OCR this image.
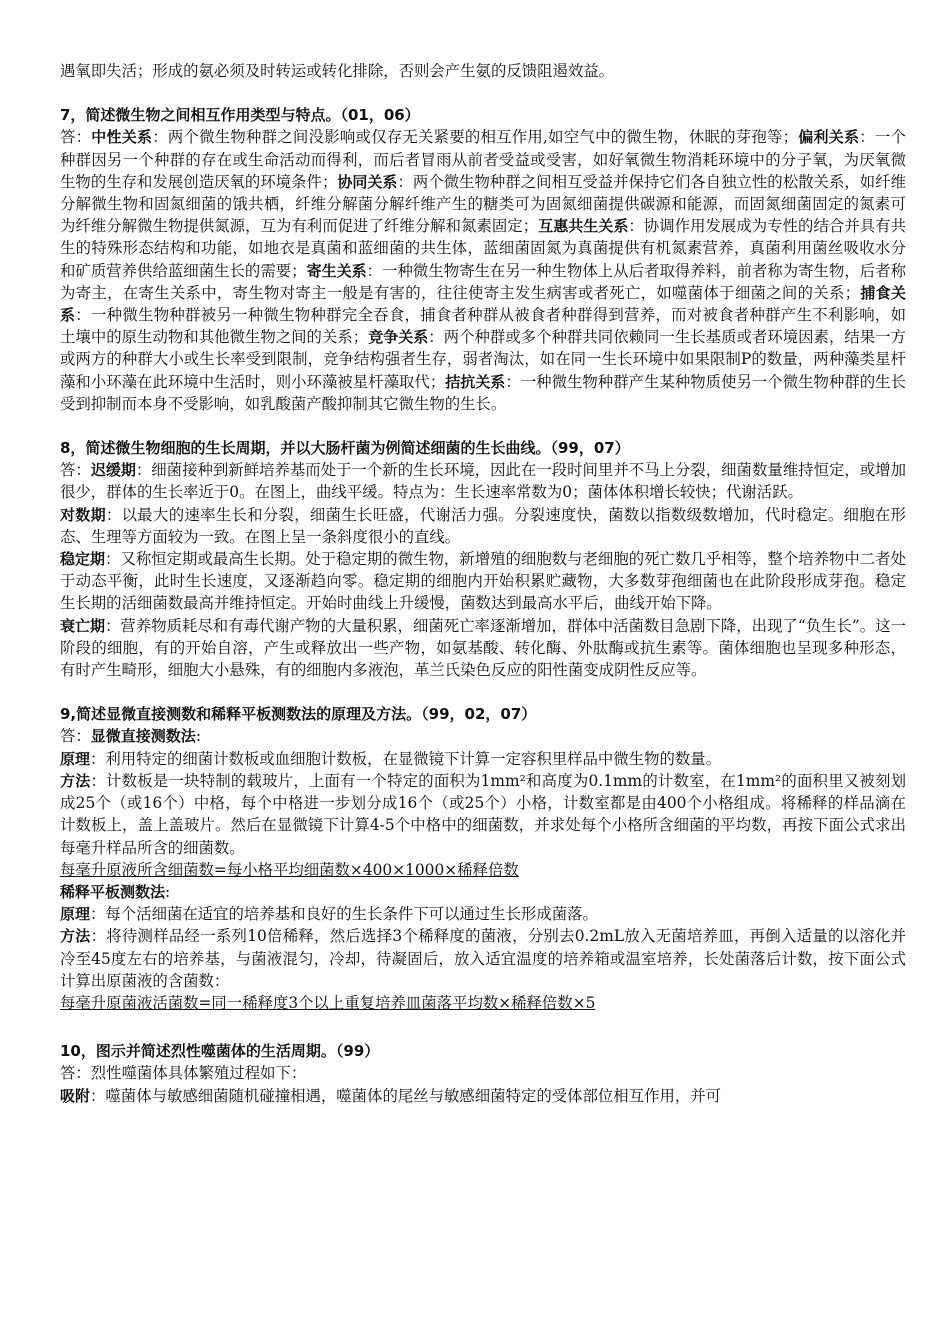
遇氧即失活；形成的氨必须及时转运或转化排除，否则会产生氨的反馈阻遏效益。

7，简述微生物之间相互作用类型与特点。（01，06）

答：中性关系：两个微生物种群之间没影响或仅存无关紧要的相互作用,如空气中的微生物，休眠的芽孢等；偏利关系：一个种群因另一个种群的存在或生命活动而得利，而后者冒雨从前者受益或受害，如好氧微生物消耗环境中的分子氧，为厌氧微生物的生存和发展创造厌氧的环境条件；协同关系：两个微生物种群之间相互受益并保持它们各自独立性的松散关系，如纤维分解微生物和固氮细菌的饿共栖，纤维分解菌分解纤维产生的糖类可为固氮细菌提供碳源和能源，而固氮细菌固定的氮素可为纤维分解微生物提供氮源，互为有利而促进了纤维分解和氮素固定；互惠共生关系：协调作用发展成为专性的结合并具有共生的特殊形态结构和功能，如地衣是真菌和蓝细菌的共生体，蓝细菌固氮为真菌提供有机氮素营养，真菌利用菌丝吸收水分和矿质营养供给蓝细菌生长的需要；寄生关系：一种微生物寄生在另一种生物体上从后者取得养料，前者称为寄生物，后者称为寄主，在寄生关系中，寄生物对寄主一般是有害的，往往使寄主发生病害或者死亡，如噬菌体于细菌之间的关系；捕食关系：一种微生物种群被另一种微生物种群完全吞食，捕食者种群从被食者种群得到营养，而对被食者种群产生不利影响，如土壤中的原生动物和其他微生物之间的关系；竞争关系：两个种群或多个种群共同依赖同一生长基质或者环境因素，结果一方或两方的种群大小或生长率受到限制，竞争结构强者生存，弱者淘汰，如在同一生长环境中如果限制P的数量，两种藻类星杆藻和小环藻在此环境中生活时，则小环藻被星杆藻取代；拮抗关系：一种微生物种群产生某种物质使另一个微生物种群的生长受到抑制而本身不受影响，如乳酸菌产酸抑制其它微生物的生长。

8，简述微生物细胞的生长周期，并以大肠杆菌为例简述细菌的生长曲线。（99，07）

答：迟缓期：细菌接种到新鲜培养基而处于一个新的生长环境，因此在一段时间里并不马上分裂，细菌数量维持恒定，或增加很少，群体的生长率近于0。在图上，曲线平缓。特点为：生长速率常数为0；菌体体积增长较快；代谢活跃。

对数期：以最大的速率生长和分裂，细菌生长旺盛，代谢活力强。分裂速度快，菌数以指数级数增加，代时稳定。细胞在形态、生理等方面较为一致。在图上呈一条斜度很小的直线。

稳定期：又称恒定期或最高生长期。处于稳定期的微生物，新增殖的细胞数与老细胞的死亡数几乎相等，整个培养物中二者处于动态平衡，此时生长速度，又逐渐趋向零。稳定期的细胞内开始积累贮藏物，大多数芽孢细菌也在此阶段形成芽孢。稳定生长期的活细菌数最高并维持恒定。开始时曲线上升缓慢，菌数达到最高水平后，曲线开始下降。

衰亡期：营养物质耗尽和有毒代谢产物的大量积累，细菌死亡率逐渐增加，群体中活菌数目急剧下降，出现了“负生长”。这一阶段的细胞，有的开始自溶，产生或释放出一些产物，如氨基酸、转化酶、外肽酶或抗生素等。菌体细胞也呈现多种形态，有时产生畸形，细胞大小悬殊，有的细胞内多液泡，革兰氏染色反应的阳性菌变成阴性反应等。

9,简述显微直接测数和稀释平板测数法的原理及方法。（99，02，07）

答：显微直接测数法:

原理：利用特定的细菌计数板或血细胞计数板，在显微镜下计算一定容积里样品中微生物的数量。

方法：计数板是一块特制的载玻片，上面有一个特定的面积为1mm²和高度为0.1mm的计数室，在1mm²的面积里又被刻划成25个（或16个）中格，每个中格进一步划分成16个（或25个）小格，计数室都是由400个小格组成。将稀释的样品滴在计数板上，盖上盖玻片。然后在显微镜下计算4-5个中格中的细菌数，并求处每个小格所含细菌的平均数，再按下面公式求出每毫升样品所含的细菌数。

每毫升原液所含细菌数=每小格平均细菌数×400×1000×稀释倍数

稀释平板测数法:

原理：每个活细菌在适宜的培养基和良好的生长条件下可以通过生长形成菌落。

方法：将待测样品经一系列10倍稀释，然后选择3个稀释度的菌液，分别去0.2mL放入无菌培养皿，再倒入适量的以溶化并冷至45度左右的培养基，与菌液混匀，冷却，待凝固后，放入适宜温度的培养箱或温室培养，长处菌落后计数，按下面公式计算出原菌液的含菌数：

每毫升原菌液活菌数=同一稀释度3个以上重复培养皿菌落平均数×稀释倍数×5

10，图示并简述烈性噬菌体的生活周期。（99）

答：烈性噬菌体具体繁殖过程如下：

吸附：噬菌体与敏感细菌随机碰撞相遇，噬菌体的尾丝与敏感细菌特定的受体部位相互作用，并可
